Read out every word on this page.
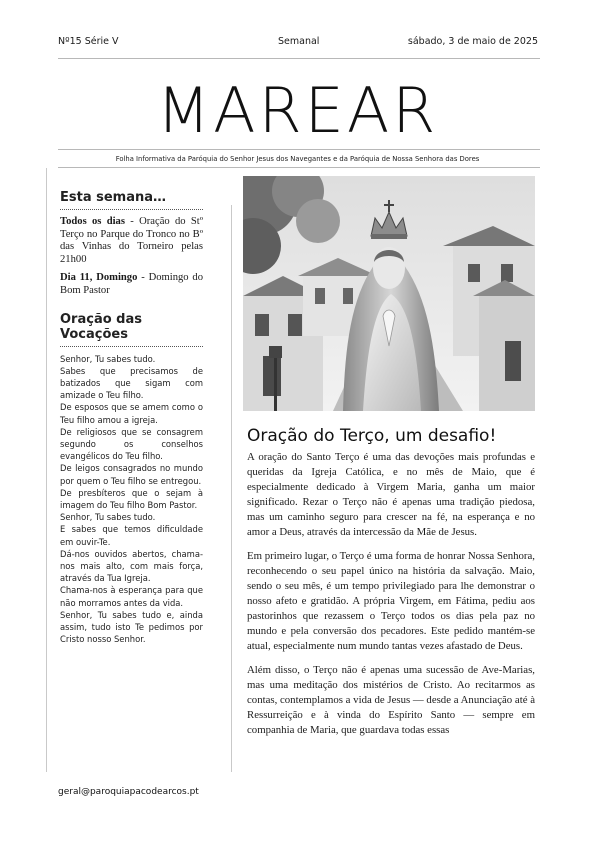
Nº15 Série V	Semanal	sábado, 3 de maio de 2025
MAREAR
Folha Informativa da Paróquia do Senhor Jesus dos Navegantes e da Paróquia de Nossa Senhora das Dores
Esta semana…
Todos os dias - Oração do Stº Terço no Parque do Tronco no Bº das Vinhas do Torneiro pelas 21h00
Dia 11, Domingo - Domingo do Bom Pastor
Oração das Vocações
Senhor, Tu sabes tudo.
Sabes que precisamos de batizados que sigam com amizade o Teu filho.
De esposos que se amem como o Teu filho amou a igreja.
De religiosos que se consagrem segundo os conselhos evangélicos do Teu filho.
De leigos consagrados no mundo por quem o Teu filho se entregou.
De presbíteros que o sejam à imagem do Teu filho Bom Pastor.
Senhor, Tu sabes tudo.
E sabes que temos dificuldade em ouvir-Te.
Dá-nos ouvidos abertos, chama-nos mais alto, com mais força, através da Tua Igreja.
Chama-nos à esperança para que não morramos antes da vida.
Senhor, Tu sabes tudo e, ainda assim, tudo isto Te pedimos por Cristo nosso Senhor.
Oração do Terço, um desafio!

A oração do Santo Terço é uma das devoções mais profundas e queridas da Igreja Católica, e no mês de Maio, que é especialmente dedicado à Virgem Maria, ganha um maior significado. Rezar o Terço não é apenas uma tradição piedosa, mas um caminho seguro para crescer na fé, na esperança e no amor a Deus, através da intercessão da Mãe de Jesus.

Em primeiro lugar, o Terço é uma forma de honrar Nossa Senhora, reconhecendo o seu papel único na história da salvação. Maio, sendo o seu mês, é um tempo privilegiado para lhe demonstrar o nosso afeto e gratidão. A própria Virgem, em Fátima, pediu aos pastorinhos que rezassem o Terço todos os dias pela paz no mundo e pela conversão dos pecadores. Este pedido mantém-se atual, especialmente num mundo tantas vezes afastado de Deus.

Além disso, o Terço não é apenas uma sucessão de Ave-Marias, mas uma meditação dos mistérios de Cristo. Ao recitarmos as contas, contemplamos a vida de Jesus — desde a Anunciação até à Ressurreição e à vinda do Espírito Santo — sempre em companhia de Maria, que guardava todas essas

geral@paroquiapacodearcos.pt
